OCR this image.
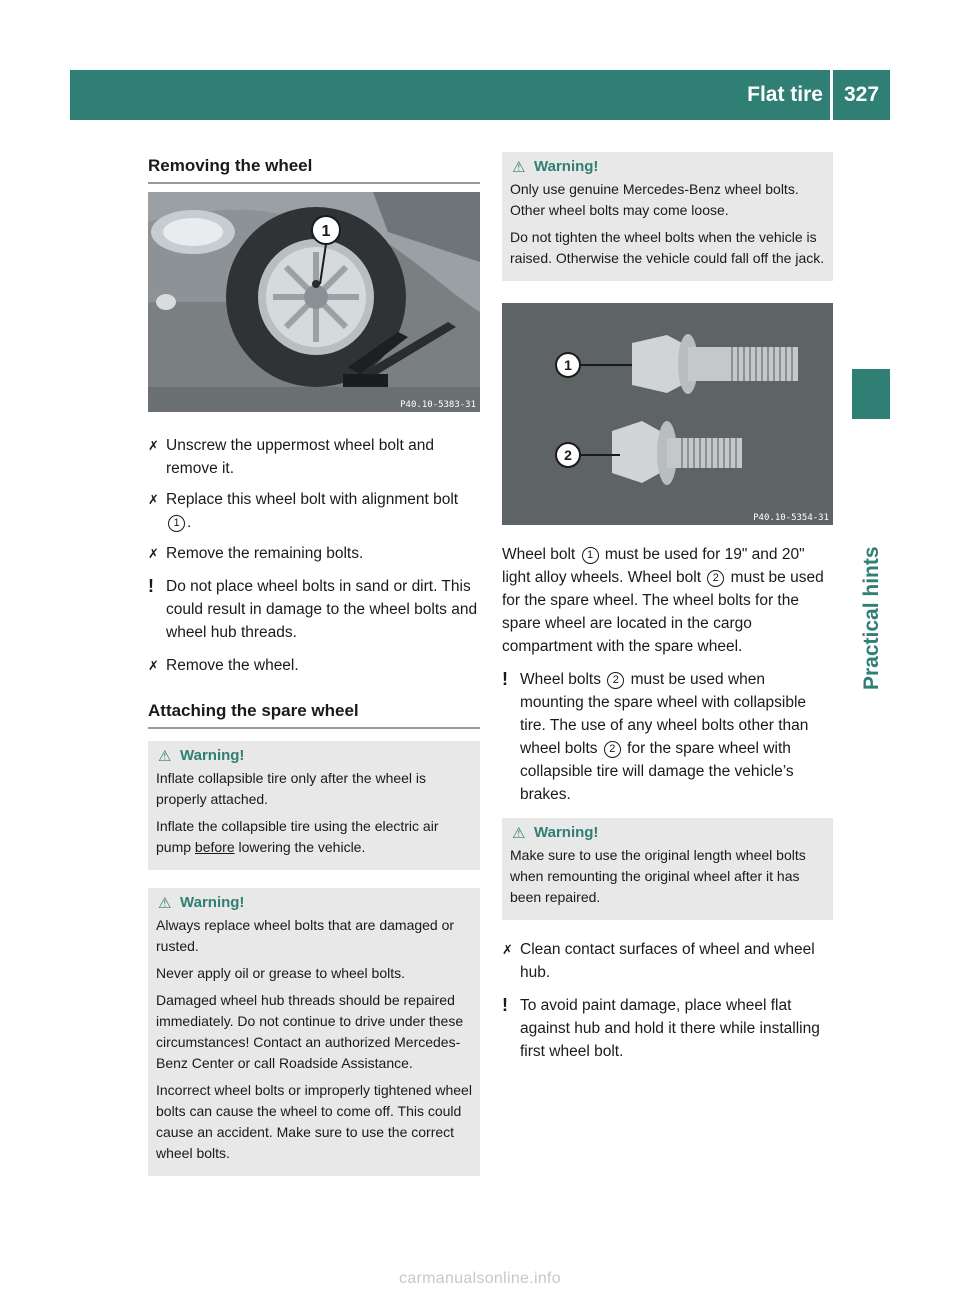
Flat tire 327
Practical hints
Removing the wheel
1
P40.10-5383-31
✗ Unscrew the uppermost wheel bolt and remove it.
✗ Replace this wheel bolt with alignment bolt 1 .
✗ Remove the remaining bolts.
! Do not place wheel bolts in sand or dirt. This could result in damage to the wheel bolts and wheel hub threads.
✗ Remove the wheel.
Attaching the spare wheel
⚠ Warning!

Inflate collapsible tire only after the wheel is properly attached.

Inflate the collapsible tire using the electric air pump before lowering the vehicle.

⚠ Warning!

Always replace wheel bolts that are damaged or rusted.

Never apply oil or grease to wheel bolts.

Damaged wheel hub threads should be repaired immediately. Do not continue to drive under these circumstances! Contact an authorized Mercedes-Benz Center or call Roadside Assistance.

Incorrect wheel bolts or improperly tightened wheel bolts can cause the wheel to come off. This could cause an accident. Make sure to use the correct wheel bolts.

⚠ Warning!

Only use genuine Mercedes-Benz wheel bolts. Other wheel bolts may come loose.

Do not tighten the wheel bolts when the vehicle is raised. Otherwise the vehicle could fall off the jack.

1
2
P40.10-5354-31
Wheel bolt 1 must be used for 19" and 20" light alloy wheels. Wheel bolt 2 must be used for the spare wheel. The wheel bolts for the spare wheel are located in the cargo compartment with the spare wheel.
! Wheel bolts 2 must be used when mounting the spare wheel with collapsible tire. The use of any wheel bolts other than wheel bolts 2 for the spare wheel with collapsible tire will damage the vehicle’s brakes.
⚠ Warning!

Make sure to use the original length wheel bolts when remounting the original wheel after it has been repaired.

✗ Clean contact surfaces of wheel and wheel hub.
! To avoid paint damage, place wheel flat against hub and hold it there while installing first wheel bolt.
carmanualsonline.info
